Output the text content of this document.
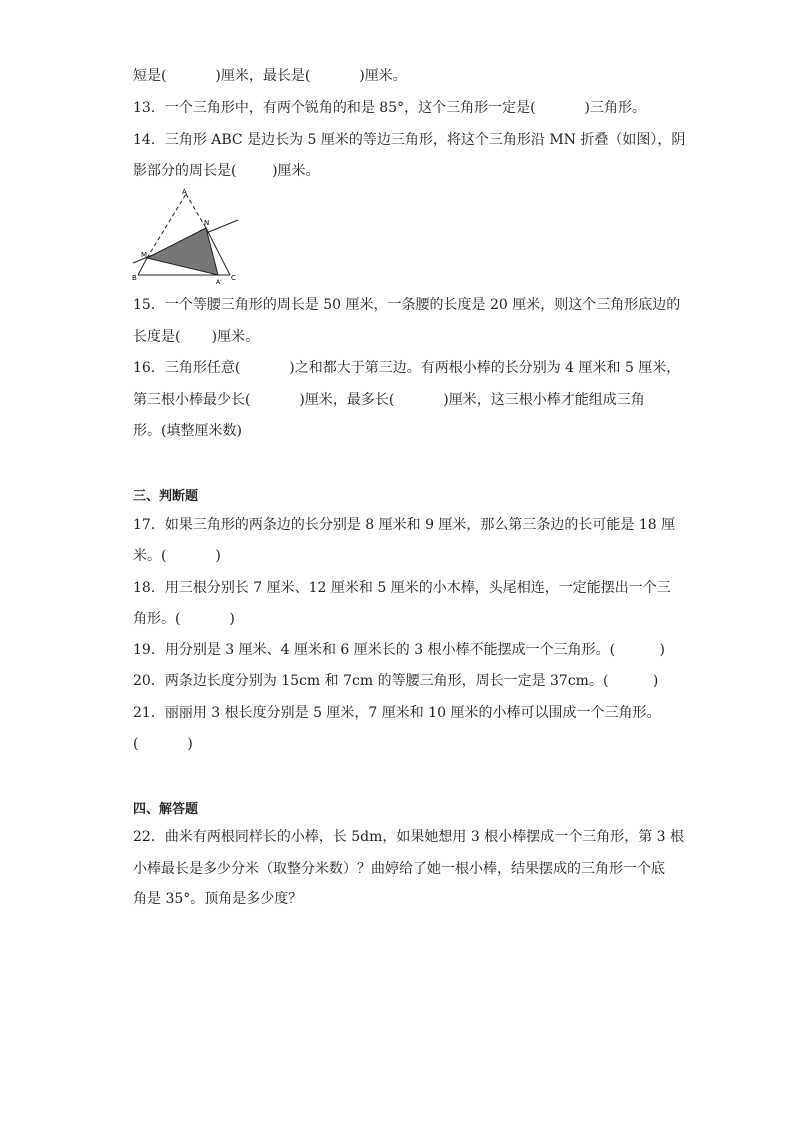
短是(           )厘米，最长是(           )厘米。
13．一个三角形中，有两个锐角的和是 85°，这个三角形一定是(           )三角形。
14．三角形 ABC 是边长为 5 厘米的等边三角形，将这个三角形沿 MN 折叠（如图），阴
影部分的周长是(        )厘米。
A
N
M
B
A'
C
15．一个等腰三角形的周长是 50 厘米，一条腰的长度是 20 厘米，则这个三角形底边的
长度是(       )厘米。
16．三角形任意(           )之和都大于第三边。有两根小棒的长分别为 4 厘米和 5 厘米，
第三根小棒最少长(           )厘米，最多长(           )厘米，这三根小棒才能组成三角
形。(填整厘米数)
三、判断题
17．如果三角形的两条边的长分别是 8 厘米和 9 厘米，那么第三条边的长可能是 18 厘
米。(           )
18．用三根分别长 7 厘米、12 厘米和 5 厘米的小木棒，头尾相连，一定能摆出一个三
角形。(           )
19．用分别是 3 厘米、4 厘米和 6 厘米长的 3 根小棒不能摆成一个三角形。(          )
20．两条边长度分别为 15cm 和 7cm 的等腰三角形，周长一定是 37cm。(          )
21．丽丽用 3 根长度分别是 5 厘米，7 厘米和 10 厘米的小棒可以围成一个三角形。
(           )
四、解答题
22．曲米有两根同样长的小棒，长 5dm，如果她想用 3 根小棒摆成一个三角形，第 3 根
小棒最长是多少分米（取整分米数）？曲婷给了她一根小棒，结果摆成的三角形一个底
角是 35°。顶角是多少度？
